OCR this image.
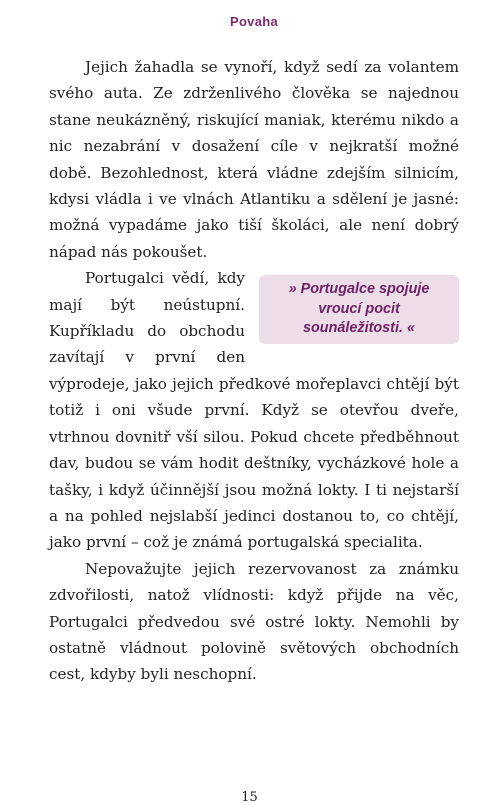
Povaha

Jejich žahadla se vynoří, když sedí za volantem svého auta. Ze zdrženlivého člověka se najednou stane neukázněný, riskující maniak, kterému nikdo a nic nezabrání v dosažení cíle v nejkratší možné době. Bezohlednost, která vládne zdejším silnicím, kdysi vládla i ve vlnách Atlantiku a sdělení je jasné: možná vypadáme jako tiší školáci, ale není dobrý nápad nás pokoušet.

» Portugalce spojuje vroucí pocit sounáležitosti. «
Portugalci vědí, kdy mají být neústupní. Kupříkladu do obchodu zavítají v první den výprodeje, jako jejich předkové mořeplavci chtějí být totiž i oni všude první. Když se otevřou dveře, vtrhnou dovnitř vší silou. Pokud chcete předběhnout dav, budou se vám hodit deštníky, vycházkové hole a tašky, i když účinnější jsou možná lokty. I ti nejstarší a na pohled nejslabší jedinci dostanou to, co chtějí, jako první – což je známá portugalská specialita.

Nepovažujte jejich rezervovanost za známku zdvořilosti, natož vlídnosti: když přijde na věc, Portugalci předvedou své ostré lokty. Nemohli by ostatně vládnout polovině světových obchodních cest, kdyby byli neschopní.

15
